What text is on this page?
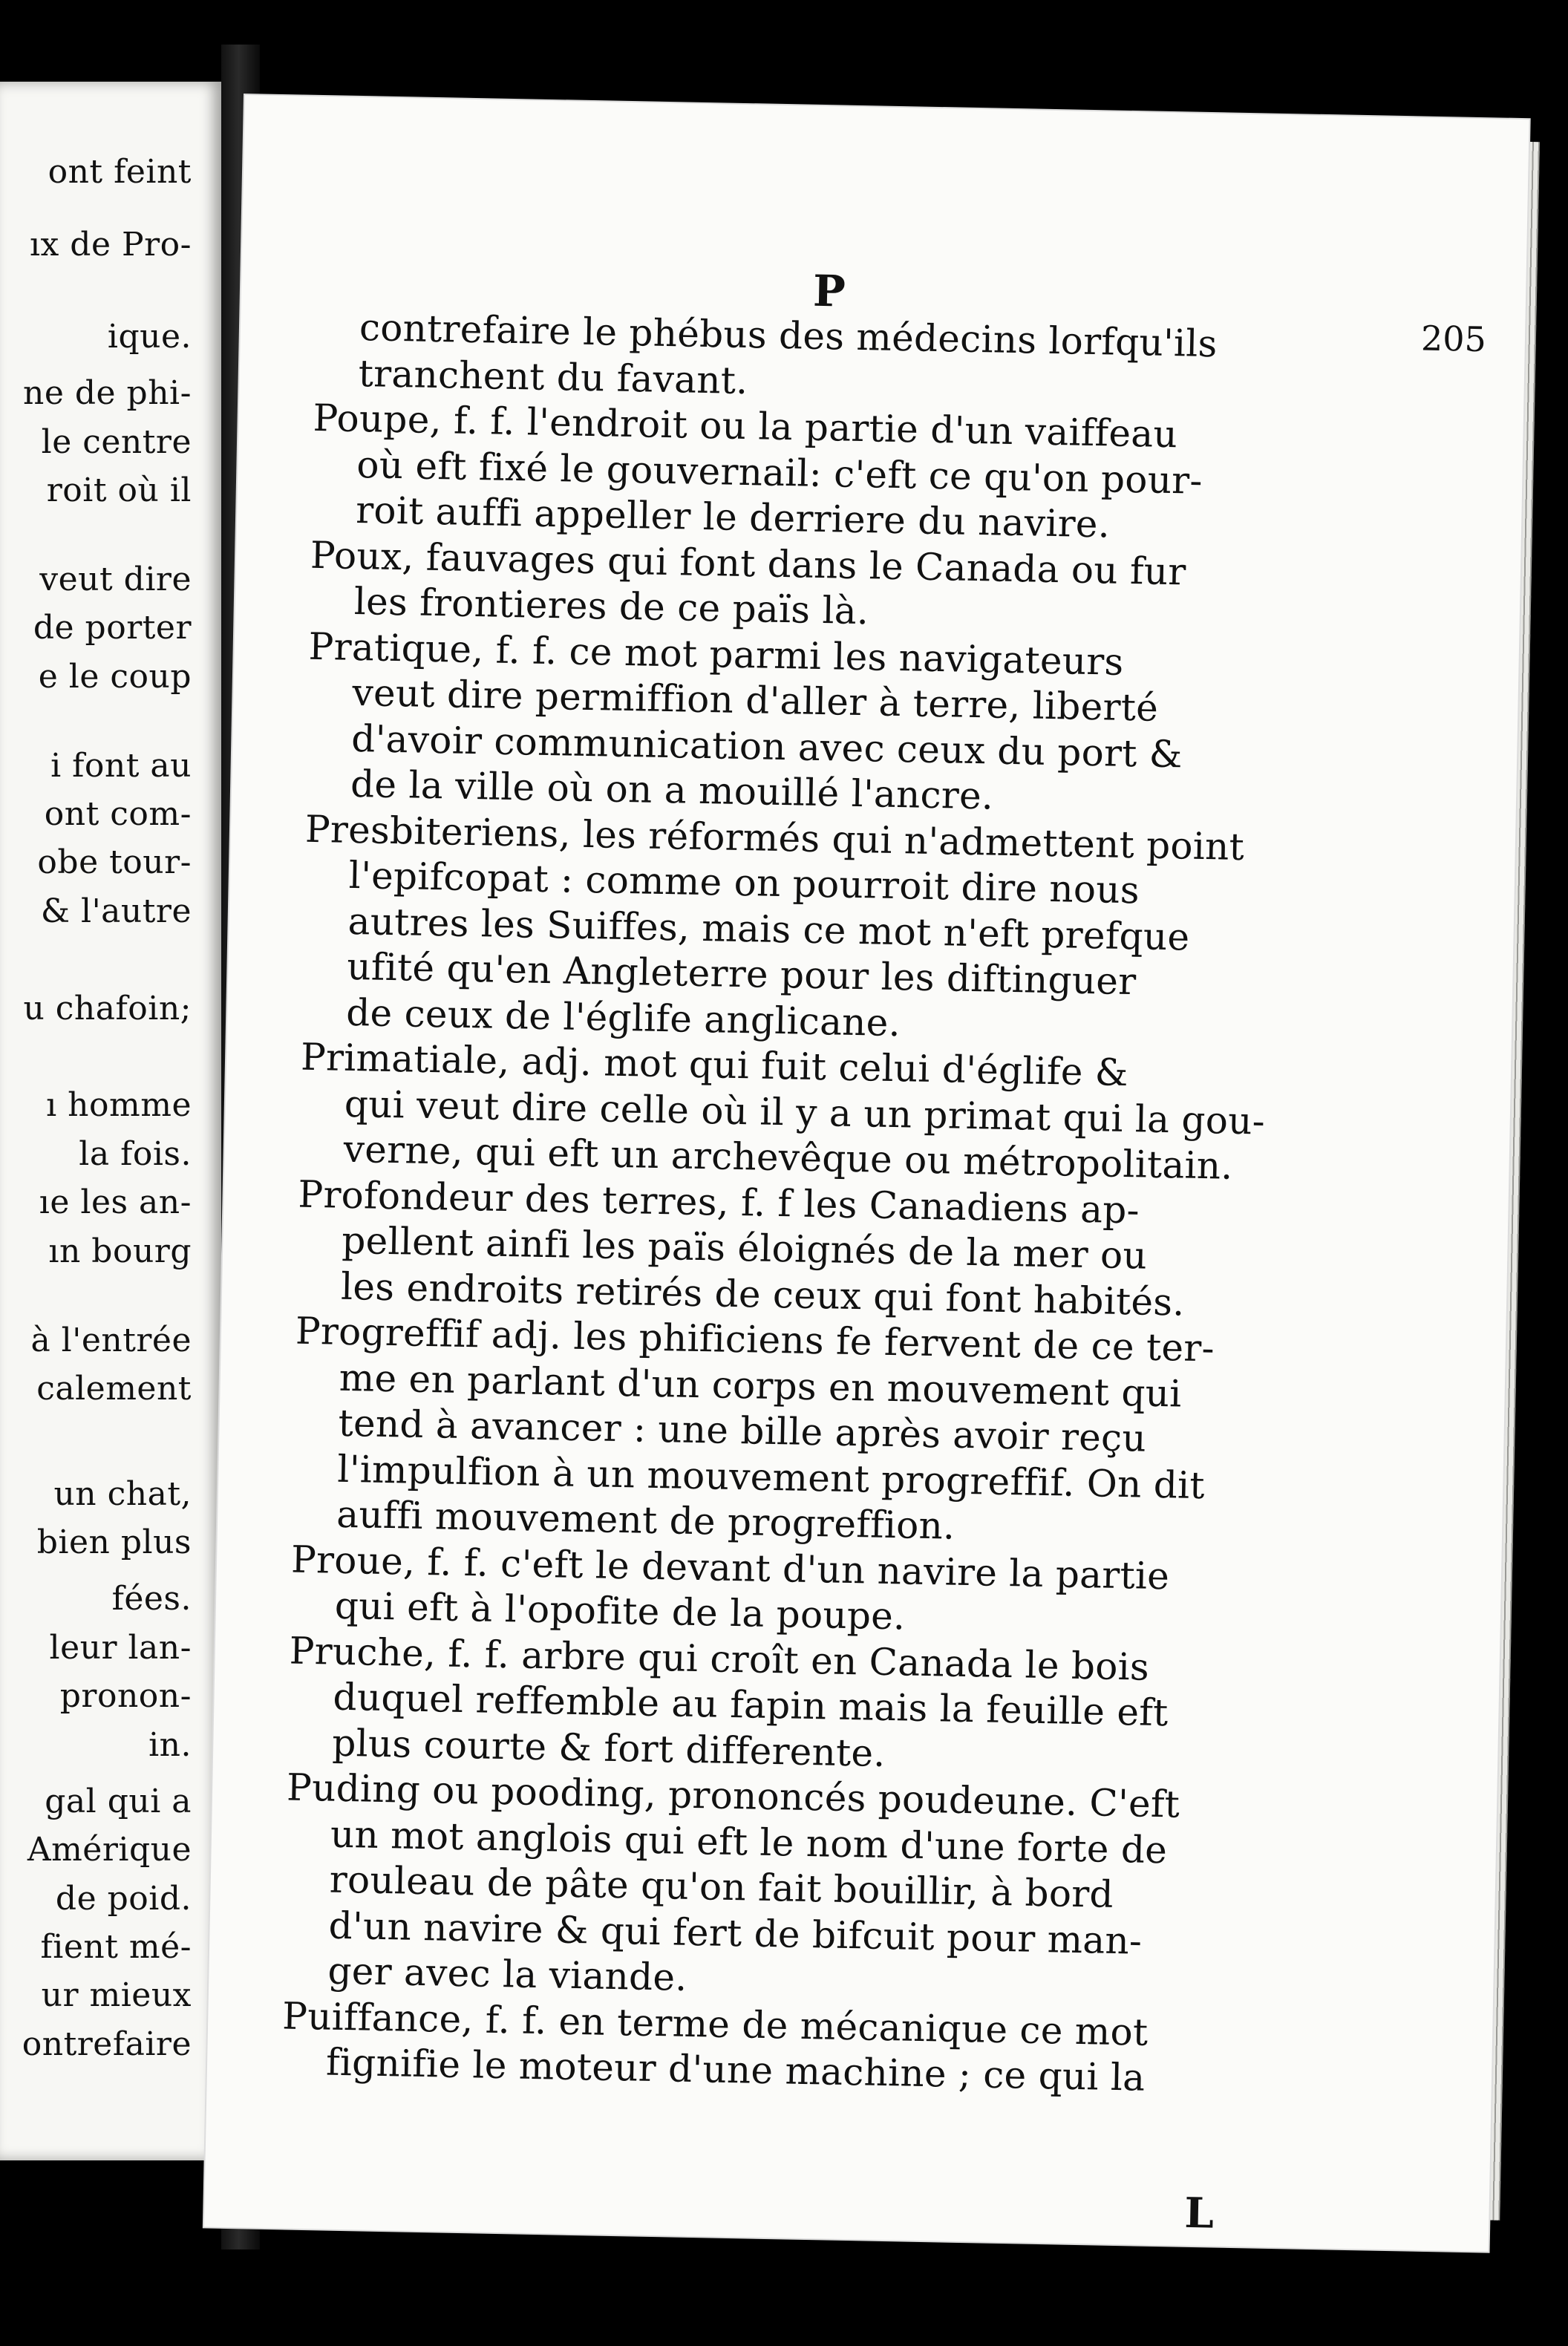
ont feint
ıx de Pro-
ique.
ne de phi-
le centre
roit où il
veut dire
de porter
e le coup
i font au
ont com-
obe tour-
& l'autre
u chafoin;
ı homme
la fois.
ıe les an-
ın bourg
à l'entrée
calement
un chat,
bien plus
fées.
leur lan-
pronon-
in.
gal qui a
Amérique
de poid.
fient mé-
ur mieux
ontrefaire
P
205
contrefaire le phébus des médecins lorfqu'ils
tranchent du favant.
Poupe, f. f. l'endroit ou la partie d'un vaiffeau
où eft fixé le gouvernail: c'eft ce qu'on pour-
roit auffi appeller le derriere du navire.
Poux, fauvages qui font dans le Canada ou fur
les frontieres de ce païs là.
Pratique, f. f. ce mot parmi les navigateurs
veut dire permiffion d'aller à terre, liberté
d'avoir communication avec ceux du port &
de la ville où on a mouillé l'ancre.
Presbiteriens, les réformés qui n'admettent point
l'epifcopat : comme on pourroit dire nous
autres les Suiffes, mais ce mot n'eft prefque
ufité qu'en Angleterre pour les diftinguer
de ceux de l'églife anglicane.
Primatiale, adj. mot qui fuit celui d'églife &
qui veut dire celle où il y a un primat qui la gou-
verne, qui eft un archevêque ou métropolitain.
Profondeur des terres, f. f les Canadiens ap-
pellent ainfi les païs éloignés de la mer ou
les endroits retirés de ceux qui font habités.
Progreffif adj. les phificiens fe fervent de ce ter-
me en parlant d'un corps en mouvement qui
tend à avancer : une bille après avoir reçu
l'impulfion à un mouvement progreffif. On dit
auffi mouvement de progreffion.
Proue, f. f. c'eft le devant d'un navire la partie
qui eft à l'opofite de la poupe.
Pruche, f. f. arbre qui croît en Canada le bois
duquel reffemble au fapin mais la feuille eft
plus courte & fort differente.
Puding ou pooding, prononcés poudeune. C'eft
un mot anglois qui eft le nom d'une forte de
rouleau de pâte qu'on fait bouillir, à bord
d'un navire & qui fert de bifcuit pour man-
ger avec la viande.
Puiffance, f. f. en terme de mécanique ce mot
fignifie le moteur d'une machine ; ce qui la
L
